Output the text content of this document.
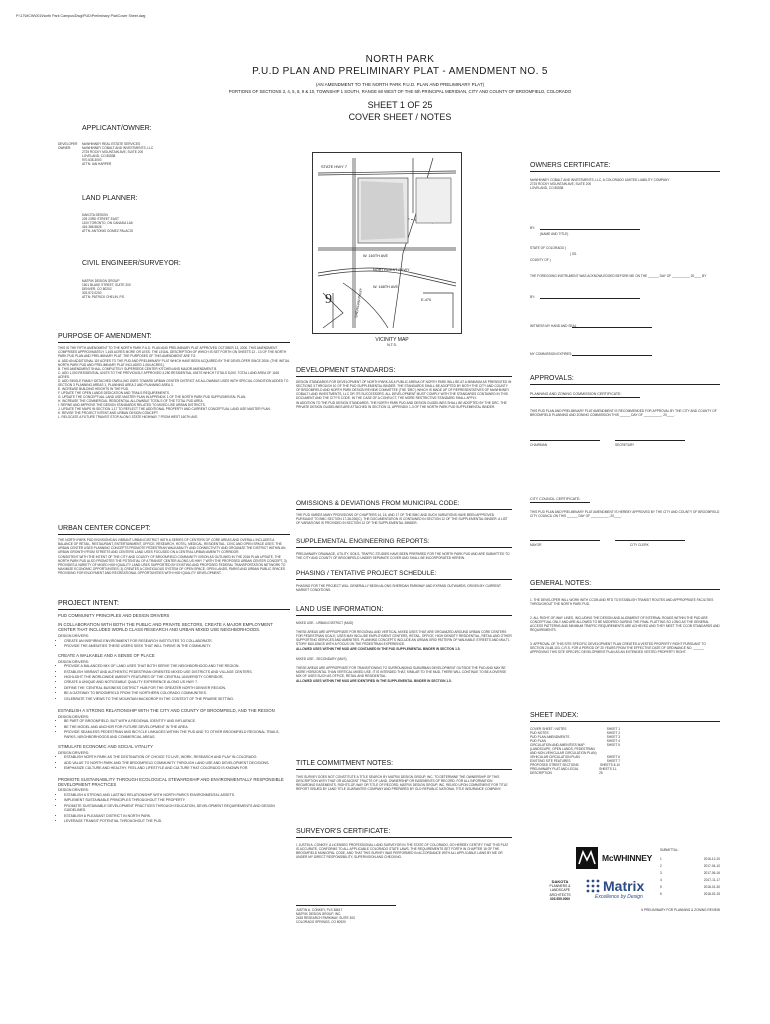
P:\17\MCW\001\North Park Campus\Dwg\PUD\Preliminary Plat\Cover Sheet.dwg
NORTH PARK
P.U.D PLAN AND PRELIMINARY PLAT - AMENDMENT NO. 5
(AN AMENDMENT TO THE NORTH PARK P.U.D. PLAN AND PRELIMINARY PLAT)
PORTIONS OF SECTIONS 3, 4, 5, 8, 9 & 10, TOWNSHIP 1 SOUTH, RANGE 68 WEST OF THE 6th PRINCIPAL MERIDIAN, CITY AND COUNTY OF BROOMFIELD, COLORADO
SHEET 1 OF 25
COVER SHEET / NOTES
APPLICANT/OWNER:
DEVELOPER
OWNER:
McWHINNEY REAL ESTATE SERVICES
McWHINNEY COBALT AND INVESTMENTS, LLC
2725 ROCKY MOUNTAIN AVE, SUITE 200
LOVELAND, CO 80538
970.635.3000
ATTN: IAN HARPER
LAND PLANNER:
DAKOTA DESIGN
225 23RD STREET EAST
1100 TORONTO, ON CANADA 1A6
416.386.5826
ATTN: ANTONIO GOMEZ PALACIO
CIVIL ENGINEER/SURVEYOR:
MATRIX DESIGN GROUP
1601 BLAKE STREET, SUITE 200
DENVER, CO 80202
303.572.0200
ATTN: PATRICK CHELIN, P.E.
STATE HWY 7
W. 160TH AVE
NORTHWEST PKWY
W. 168TH AVE
E-470
SHERIDAN PKWY
9
VICINITY MAP
N.T.S.
PURPOSE OF AMENDMENT:

THIS IS THE FIFTH AMENDMENT TO THE NORTH PARK P.U.D. PLAN AND PRELIMINARY PLAT APPROVED OCTOBER 13, 2000. THIS AMENDMENT COMPRISES APPROXIMATELY 1,165 ACRES MORE OR LESS. THE LEGAL DESCRIPTION OF WHICH IS SET FORTH ON SHEETS 12 - 13 OF THE NORTH PARK PUD PLAN AND PRELIMINARY PLAT. THE PURPOSES OF THIS AMENDMENT ARE TO:

A. ADD AN ADDITIONAL 119 ACRES TO THE PUD AND PRELIMINARY PLAT WHICH HAVE BEEN ACQUIRED BY THE DEVELOPER SINCE 2006. (THE INITIAL NORTH PARK PUD AND PRELIMINARY PLAT INCLUDED 1,064 ACRES.)
B. THIS AMENDMENT SHALL COMPLETELY SUPERSEDE CENTER KITCHEN AND MAJOR AMENDMENT B.
C. ADD 1,000 RESIDENTIAL UNITS TO THE PREVIOUSLY APPROVED 3,250 RESIDENTIAL UNITS WHICH TOTALS 5,000. TOTAL LAND AREA OF 1165 ACRES.
D. ADD SINGLE FAMILY DETACHED DWELLING USES TOWARD URBAN CENTER DISTRICT AS ALLOWABLE USES WITH SPECIAL CONDITION ADDED TO SECTION 3 PLANNING AREAS 1, PLANNING AREA 2 AND PLANNING AREA 3.
E. INCREASE BUILDING HEIGHTS IN THE PUD.
F. UPDATE THE OPEN LANDS DEDICATION AND TRAILS REQUIREMENTS.
G. UPDATE THE CONCEPTUAL LAND USE MASTER PLAN IN APPENDIX 1 OF THE NORTH PARK PUD SUPPLEMENTAL PLAN.
H. INCREASE THE COMMERCIAL RESIDENTIAL ALLOWABLE TOTALS OF THE TOTAL PUD AREA.
I. REFINE AND IMPROVE THE DESIGN STANDARDS RELATED TO MIXED USE URBAN DISTRICTS.
J. UPDATE THE MAPS IN SECTION 1.17 TO REFLECT THE ADDITIONAL PROPERTY AND CURRENT CONCEPTUAL LAND USE MASTER PLAN.
K. REVISE THE PROJECT INTENT AND URBAN DESIGN CONCEPT.
L. RELOCATE A FUTURE TRANSIT STOP ALONG STATE HIGHWAY 7 FROM WEST 160TH AVE.
URBAN CENTER CONCEPT:

THE NORTH PARK PUD ENVISIONS AN VIBRANT URBAN DISTRICT WITH A SERIES OF CENTERS OF CORE AREAS AND OVERALL INCLUDES A BALANCE OF RETAIL, RESTAURANT, ENTERTAINMENT, OFFICE, RESEARCH, HOTEL, MEDICAL, RESIDENTIAL, CIVIC AND OPEN SPACE USES. THE URBAN CENTER USES PLANNING CONCEPTS PROMOTE PEDESTRIAN WALKABILITY AND CONNECTIVITY AND ORGANIZE THE DISTRICT WITHIN AN URBAN GROWTH FROM STREETS AND CENTERS LAND USES FOCUSED ON A CENTRAL URBAN AMENITY CORRIDOR.

CONSISTENT WITH THE INTENT OF THE CITY AND COUNTY OF BROOMFIELD COMMUNITY VISION AS OUTLINED IN THE 2016 PLAN UPDATE, THE NORTH PARK PUD ALSO PROMOTES THE POTENTIAL OF A TRANSIT CENTER ALONG US HWY 7 WITH THE PROPOSED URBAN CENTER CONCEPT, 3) PROVIDES A VARIETY OF MIXED HIGH QUALITY LAND USES SUPPORTED BY EXISTING AND PROPOSED FEDERAL TRANSPORTATION NETWORK TO MAXIMIZE ECONOMIC OPPORTUNITIES; 3) CREATES A CONTIGUOUS SYSTEM OF OPEN SPACE, OPEN LANDS, PARKS AND URBAN PUBLIC SPACES PROVIDING FOR ENJOYMENT AND RECREATIONAL OPPORTUNITIES WITH HIGH QUALITY DEVELOPMENT.

PROJECT INTENT:
PUD COMMUNITY PRINCIPLES AND DESIGN DRIVERS
IN COLLABORATION WITH BOTH THE PUBLIC AND PRIVATE SECTORS, CREATE A MAJOR EMPLOYMENT CENTER THAT INCLUDES WORLD CLASS RESEARCH AND URBAN MIXED USE NEIGHBORHOODS.
DESIGN DRIVERS:
• CREATE AN INSPIRING ENVIRONMENT FOR RESEARCH INSTITUTES TO COLLABORATE.
• PROVIDE THE AMENITIES THESE USERS SEEK THAT WILL THRIVE IN THE COMMUNITY.
CREATE A WALKABLE AND A SENSE OF PLACE
DESIGN DRIVERS:
• PROVIDE A BALANCED MIX OF LAND USES THAT BOTH SERVE THE NEIGHBORHOOD AND THE REGION.
• ESTABLISH VIBRANT AND AUTHENTIC PEDESTRIAN ORIENTED MIXED USE DISTRICTS AND VILLAGE CENTERS.
• HIGHLIGHT THE WORLDWIDE AMENITY FEATURES OF THE CENTRAL UNIVERSITY CORRIDOR.
• CREATE A UNIQUE AND NOTICEABLE QUALITY EXPERIENCE ALONG US HWY 7.
• DEFINE THE 'CENTRAL BUSINESS DISTRICT' HUB FOR THE GREATER NORTH DENVER REGION.
• BE A GATEWAY TO BROOMFIELD FROM THE NORTHERN COLORADO COMMUNITIES.
• CELEBRATE THE VIEWS TO THE MOUNTAIN BACKDROP IN THE CONTEXT OF THE PRAIRIE SETTING.
ESTABLISH A STRONG RELATIONSHIP WITH THE CITY AND COUNTY OF BROOMFIELD, AND THE REGION
DESIGN DRIVERS:
• BE PART OF BROOMFIELD, BUT WITH A REGIONAL IDENTITY AND INFLUENCE.
• BE THE MODEL AND ANCHOR FOR FUTURE DEVELOPMENT IN THE AREA.
• PROVIDE SEAMLESS PEDESTRIAN AND BICYCLE LINKAGES WITHIN THE PUD AND TO OTHER BROOMFIELD REGIONAL TRAILS, PARKS, NEIGHBORHOODS AND COMMERCIAL AREAS.
STIMULATE ECONOMIC AND SOCIAL VITALITY
DESIGN DRIVERS:
• ESTABLISH NORTH PARK AS THE DESTINATION OF CHOICE TO LIVE, WORK, RESEARCH AND PLAY IN COLORADO.
• ADD VALUE TO NORTH PARK AND THE BROOMFIELD COMMUNITY THROUGH LAND USE AND DEVELOPMENT DECISIONS.
• EMPHASIZE CULTURE AND HEALTHY, FEEL AND LIFESTYLE AND CULTURE THAT COLORADO IS KNOWN FOR.
PROMOTE SUSTAINABILITY THROUGH ECOLOGICAL STEWARDSHIP AND ENVIRONMENTALLY RESPONSIBLE DEVELOPMENT PRACTICES
DESIGN DRIVERS:
• ESTABLISH A STRONG AND LASTING RELATIONSHIP WITH NORTH PARK'S ENVIRONMENTAL ASSETS.
• IMPLEMENT SUSTAINABLE PRINCIPLES THROUGHOUT THE PROPERTY.
• PROMOTE SUSTAINABLE DEVELOPMENT PRACTICES THROUGH EDUCATION, DEVELOPMENT REQUIREMENTS AND DESIGN GUIDELINES.
• ESTABLISH A PLEASANT DISTRICT IN NORTH PARK.
• LEVERAGE TRANSIT POTENTIAL THROUGHOUT THE PUD.
DEVELOPMENT STANDARDS:

DESIGN STANDARDS FOR DEVELOPMENT OF NORTH PARK AS A PUBLIC ARENA OF NORTH PARK WILL BE AT A MINIMUM AS PRESENTED IN SECTIONS 3 THROUGH 10 OF THE PUD SUPPLEMENTAL BINDER. THE STANDARDS SHALL BE ADOPTED BY BOTH THE CITY AND COUNTY OF BROOMFIELD AND NORTH PARK DESIGN REVIEW COMMITTEE (THE 'DRC') WHICH IS MADE UP OF REPRESENTATIVES OF McWHINNEY COBALT LAND INVESTMENTS, LLC OR ITS SUCCESSORS. ALL DEVELOPMENT MUST COMPLY WITH THE STANDARDS CONTAINED IN THIS DOCUMENT AND THE CITY'S CODE. IN THE CASE OF A CONFLICT, THE MORE RESTRICTIVE STANDARD SHALL APPLY.

IN ADDITION TO THE PUD DESIGN STANDARDS, THE NORTH PARK PUD AND DESIGN GUIDELINES SHALL BE ADOPTED BY THE DRC. THE PRIVATE DESIGN GUIDELINES ARE ATTACHED IN SECTION 11, APPENDIX 1-3 OF THE NORTH PARK PUD SUPPLEMENTAL BINDER.

OMISSIONS & DEVIATIONS FROM MUNICIPAL CODE:
THE PUD VARIES MANY PROVISIONS OF CHAPTERS 14, 15, AND 17 OF THE BMC AND SUCH VARIATIONS HAVE BEEN APPROVED PURSUANT TO BMC SECTION 17-38-030(C). THE DOCUMENTATION IS CONTAINED IN SECTION 12 OF THE SUPPLEMENTAL BINDER. A LIST OF VARIATIONS IS PROVIDED IN SECTION 12 OF THE SUPPLEMENTAL BINDER.
SUPPLEMENTAL ENGINEERING REPORTS:
PRELIMINARY DRAINAGE, UTILITY, SOILS, TRAFFIC STUDIES HAVE BEEN PREPARED FOR THE NORTH PARK PUD AND ARE SUBMITTED TO THE CITY AND COUNTY OF BROOMFIELD UNDER SEPARATE COVER AND SHALL BE INCORPORATED HEREIN.
PHASING / TENTATIVE PROJECT SCHEDULE:
PHASING FOR THE PROJECT WILL GENERALLY BEGIN ALONG SHERIDAN PARKWAY AND EXPAND OUTWARDS, DRIVEN BY CURRENT MARKET CONDITIONS.
LAND USE INFORMATION:
MIXED USE - URBAN DISTRICT (MUD)

THESE AREAS ARE APPROPRIATE FOR REGIONAL AND VERTICAL MIXED USES THAT ARE ORGANIZED AROUND URBAN CORE CENTERS FOR PEDESTRIAN SCALE, USES MAY INCLUDE EMPLOYMENT CENTERS, RETAIL, OFFICE, HIGH DENSITY RESIDENTIAL, RETAIL AND OTHER SUPPORTING SERVICES AND AMENITIES. PLANNING CONCEPTS INCLUDE AN URBAN GRID PATTERN OF WALKABLE STREETS AND MULTI-STORY BUILDINGS WITH A FOCUS ON THE PEDESTRIAN EXPERIENCE.

ALLOWED USES WITHIN THE MUD ARE CONTAINED IN THE PUD SUPPLEMENTAL BINDER IN SECTION 1.5.

MIXED USE - SECONDARY (MUS)

THESE AREAS ARE APPROPRIATE FOR TRANSITIONING TO SURROUNDING SUBURBAN DEVELOPMENT OUTSIDE THE PUD AND MAY BE MORE HORIZONTAL THAN VERTICAL MIXED USE. IT IS INTENDED THAT, SIMILAR TO THE MUD, THERE WILL CONTINUE TO BE A DIVERSE MIX OF USES SUCH AS OFFICE, RETAIL AND RESIDENTIAL.

ALLOWED USES WITHIN THE MUS ARE IDENTIFIED IN THE SUPPLEMENTAL BINDER IN SECTION 1.5.

TITLE COMMITMENT NOTES:
THIS SURVEY DOES NOT CONSTITUTE A TITLE SEARCH BY MATRIX DESIGN GROUP, INC. TO DETERMINE THE OWNERSHIP OF THIS DESCRIPTION WITH THAT OR ADJACENT TRACTS OF LAND, OWNERSHIP OR EASEMENTS OF RECORD. FOR ALL INFORMATION REGARDING EASEMENTS, RIGHTS-OF-WAY OR TITLE OF RECORD, MATRIX DESIGN GROUP, INC. RELIED UPON COMMITMENT FOR TITLE REPORT ISSUED BY LAND TITLE GUARANTEE COMPANY AND PREPARED BY OLD REPUBLIC NATIONAL TITLE INSURANCE COMPANY.
SURVEYOR'S CERTIFICATE:
I, JUSTIN A. CONKEY, A LICENSED PROFESSIONAL LAND SURVEYOR IN THE STATE OF COLORADO, DO HEREBY CERTIFY THAT THIS PLAT IS ACCURATE, CONFORMS TO ALL APPLICABLE COLORADO STATE LAWS, THE REQUIREMENTS SET FORTH IN CHAPTER 16 OF THE BROOMFIELD MUNICIPAL CODE, AND THAT THIS SURVEY WAS PERFORMED IN ACCORDANCE WITH ALL APPLICABLE LAWS BY ME OR UNDER MY DIRECT RESPONSIBILITY, SUPERVISION AND CHECKING.
JUSTIN A. CONKEY, PLS 38617
MATRIX DESIGN GROUP, INC.
2435 RESEARCH PARKWAY, SUITE 300
COLORADO SPRINGS, CO 80920
OWNERS CERTIFICATE:
McWHINNEY COBALT AND INVESTMENTS, LLC, A COLORADO LIMITED LIABILITY COMPANY
2725 ROCKY MOUNTAIN AVE, SUITE 200
LOVELAND, CO 80538
BY:
(NAME AND TITLE)
STATE OF COLORADO )
) SS.
COUNTY OF )
THE FOREGOING INSTRUMENT WAS ACKNOWLEDGED BEFORE ME ON THE ______ DAY OF __________ 20____ BY
BY:
WITNESS MY HAND AND SEAL
MY COMMISSION EXPIRES:
APPROVALS:
PLANNING AND ZONING COMMISSION CERTIFICATE:
THIS PUD PLAN AND PRELIMINARY PLAT AMENDMENT IS RECOMMENDED FOR APPROVAL BY THE CITY AND COUNTY OF BROOMFIELD PLANNING AND ZONING COMMISSION THIS ______ DAY OF __________, 20____.
CHAIRMAN	SECRETARY
CITY COUNCIL CERTIFICATE:
THIS PUD PLAN AND PRELIMINARY PLAT AMENDMENT IS HEREBY APPROVED BY THE CITY AND COUNTY OF BROOMFIELD CITY COUNCIL ON THIS ______ DAY OF __________, 20____.
MAYOR	CITY CLERK
GENERAL NOTES:

1. THE DEVELOPER WILL WORK WITH CCOB AND RTD TO ESTABLISH TRANSIT ROUTES AND APPROPRIATE FACILITIES THROUGHOUT THE NORTH PARK PUD.

2. ALL RIGHT-OF-WAY LINES, INCLUDING THE DESIGN AND ALIGNMENT OF INTERNAL ROADS WITHIN THE PUD ARE CONCEPTUAL ONLY AND ARE ALLOWED TO BE MODIFIED DURING THE FINAL PLATTING SO LONG AS THE GENERAL ACCESS PATTERNS AND MINIMUM TRAFFIC REQUIREMENTS ARE ACHIEVED AND THEY MEET THE CCOB STANDARDS AND REQUIREMENTS.

3. APPROVAL OF THIS SITE SPECIFIC DEVELOPMENT PLAN CREATES A VESTED PROPERTY RIGHT PURSUANT TO SECTION 24-68-103, C.R.S. FOR A PERIOD OF 20 YEARS FROM THE EFFECTIVE DATE OF ORDINANCE NO. ______ APPROVING THIS SITE SPECIFIC DEVELOPMENT PLAN AS AN EXTENDED VESTED PROPERTY RIGHT.

SHEET INDEX:
COVER SHEET / NOTES	SHEET 1
PUD NOTES	SHEET 2
PUD PLAN AMENDMENTS	SHEET 3
PUD PLAN	SHEET 4
CIRCULATION AND AMENITIES MAP	SHEET 5
(LANDSCAPE, OPEN LANDS, PEDESTRIAN
AND NON-VEHICULAR CIRCULATION PLAN)
VEHICULAR CIRCULATION PLAN	SHEET 6
EXISTING SITE FEATURES	SHEET 7
PROPOSED STREET SECTIONS	SHEETS 8-10
PRELIMINARY PLAT AND LEGAL DESCRIPTION
SHEETS 11-25
McWHINNEY
DAKOTA
PLANNERS &
LANDSCAPE
ARCHITECTS
303.555.0000
Matrix
Excellence by Design
SUBMITTAL:
1	2016-12-20
2	2017-04-10
3	2017-06-16
4	2017-11-17
5	2018-01-30
6	2018-02-15
6 PRELIMINARY FOR PLANNING & ZONING REVIEW
